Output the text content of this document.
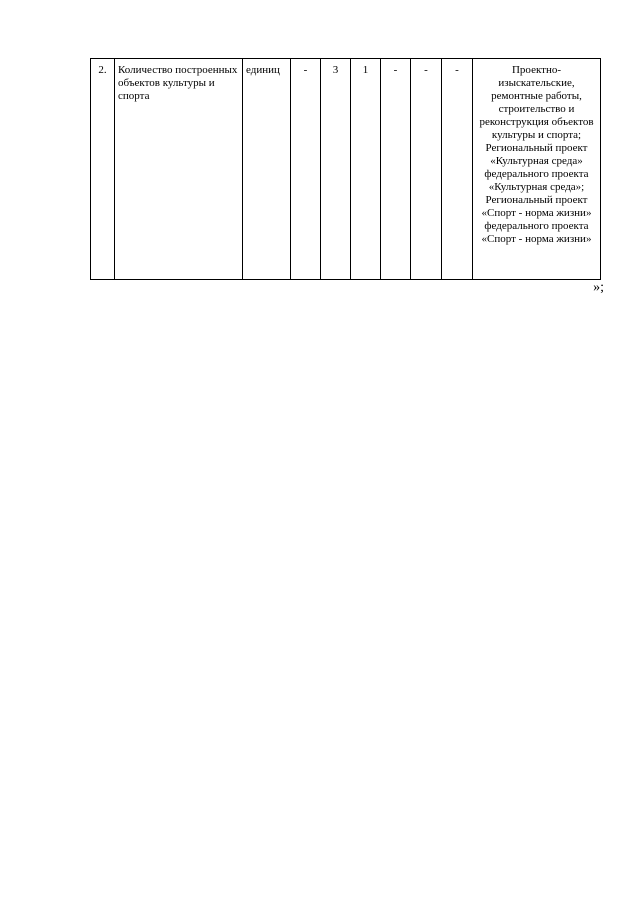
2.	Количество построенных объектов культуры и спорта	единиц	-	3	1	-	-	-	Проектно-изыскательские, ремонтные работы, строительство и реконструкция объектов культуры и спорта; Региональный проект «Культурная среда» федерального проекта «Культурная среда»; Региональный проект «Спорт - норма жизни» федерального проекта «Спорт - норма жизни»
»;
